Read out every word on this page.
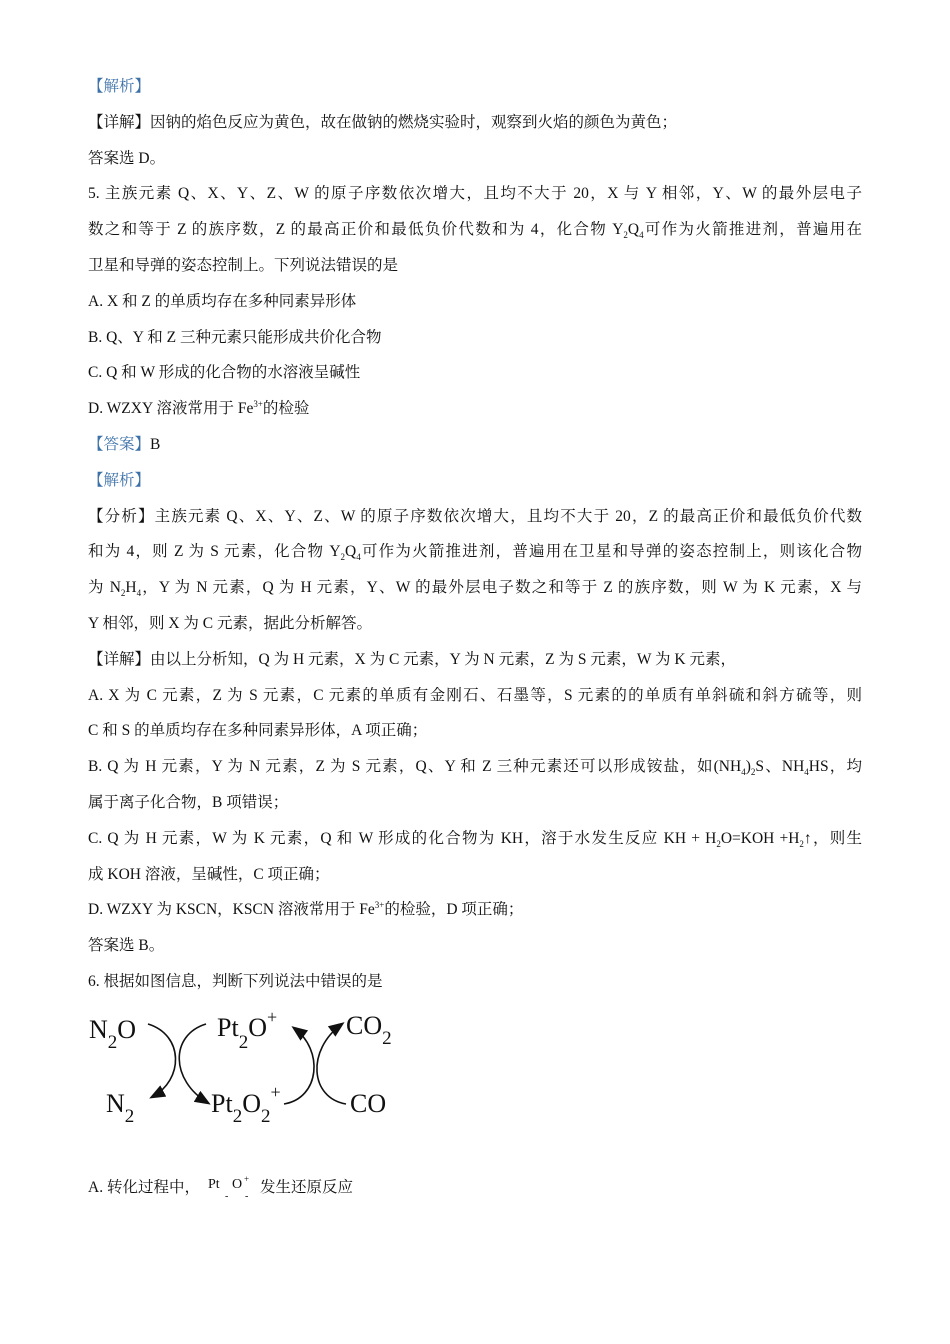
【解析】
【详解】因钠的焰色反应为黄色，故在做钠的燃烧实验时，观察到火焰的颜色为黄色；
答案选 D。
5. 主族元素 Q、X、Y、Z、W 的原子序数依次增大，且均不大于 20，X 与 Y 相邻，Y、W 的最外层电子
数之和等于 Z 的族序数，Z 的最高正价和最低负价代数和为 4，化合物 $Y_2Q_4$可作为火箭推进剂，普遍用在
卫星和导弹的姿态控制上。下列说法错误的是
A. X 和 Z 的单质均存在多种同素异形体
B. Q、Y 和 Z 三种元素只能形成共价化合物
C. Q 和 W 形成的化合物的水溶液呈碱性
D. WZXY 溶液常用于 $Fe^{3+}$的检验
【答案】B
【解析】
【分析】主族元素 Q、X、Y、Z、W 的原子序数依次增大，且均不大于 20，Z 的最高正价和最低负价代数
和为 4，则 Z 为 S 元素，化合物 $Y_2Q_4$可作为火箭推进剂，普遍用在卫星和导弹的姿态控制上，则该化合物
为 $N_2H_4$，Y 为 N 元素，Q 为 H 元素，Y、W 的最外层电子数之和等于 Z 的族序数，则 W 为 K 元素，X 与
Y 相邻，则 X 为 C 元素，据此分析解答。
【详解】由以上分析知，Q 为 H 元素，X 为 C 元素，Y 为 N 元素，Z 为 S 元素，W 为 K 元素，
A. X 为 C 元素，Z 为 S 元素，C 元素的单质有金刚石、石墨等，S 元素的的单质有单斜硫和斜方硫等，则
C 和 S 的单质均存在多种同素异形体，A 项正确；
B. Q 为 H 元素，Y 为 N 元素，Z 为 S 元素，Q、Y 和 Z 三种元素还可以形成铵盐，如$(NH_4)_2S$、$NH_4HS$，均
属于离子化合物，B 项错误；
C. Q 为 H 元素，W 为 K 元素，Q 和 W 形成的化合物为 KH，溶于水发生反应 KH + $H_2O=KOH$ $+H_2↑$，则生
成 KOH 溶液，呈碱性，C 项正确；
D. WZXY 为 KSCN，KSCN 溶液常用于 $Fe^{3+}$的检验，D 项正确；
答案选 B。
6. 根据如图信息，判断下列说法中错误的是
$N_2O$	$Pt_2O^+$	$CO_2$
$N_2$	$Pt_2O_2^+$	CO
A. 转化过程中， Pt O +
- -
发生还原反应
